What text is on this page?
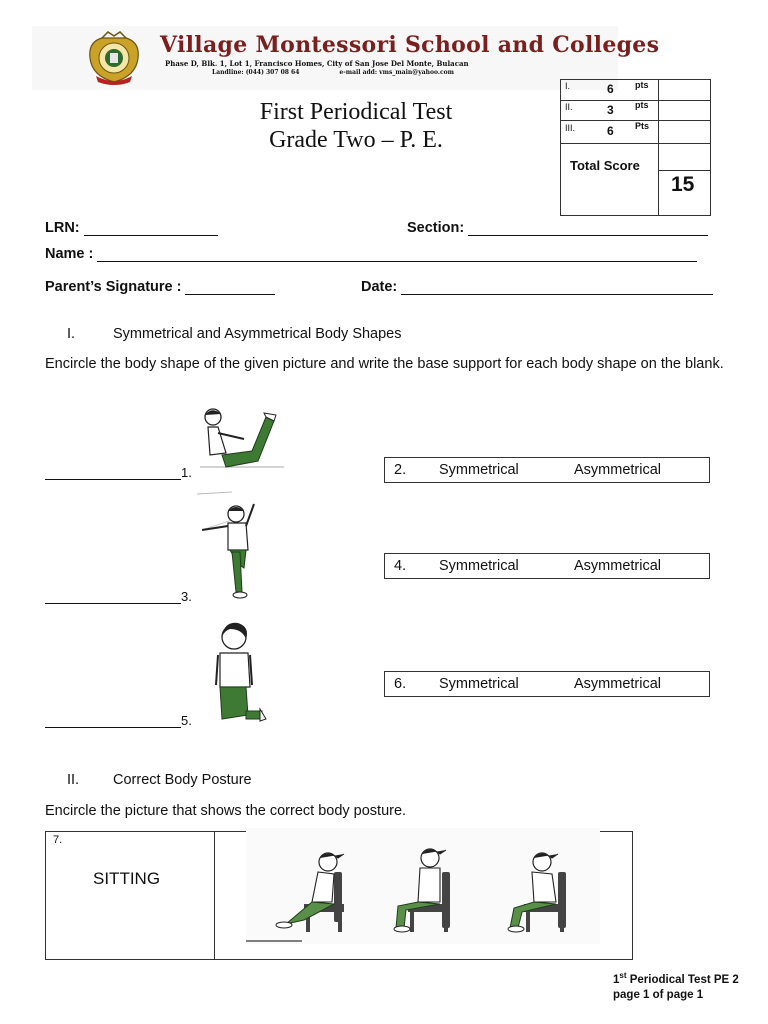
Village Montessori School and Colleges
Phase D, Blk. 1, Lot 1, Francisco Homes, City of San Jose Del Monte, Bulacan
Landline: (044) 307 08 64	e-mail add: vms_main@yahoo.com
First Periodical Test
Grade Two – P. E.
I.	6 pts
II.	3 pts
III.	6 Pts
Total Score
15
LRN:	Section:
Name :
Parent’s Signature :	Date:
I.	Symmetrical and Asymmetrical Body Shapes
Encircle the body shape of the given picture and write the base support for each body shape on the blank.
1.
3.
5.
2. Symmetrical	Asymmetrical
4. Symmetrical	Asymmetrical
6. Symmetrical	Asymmetrical
II. Correct Body Posture
Encircle the picture that shows the correct body posture.
7.
SITTING
1st Periodical Test PE 2
page 1 of page 1
